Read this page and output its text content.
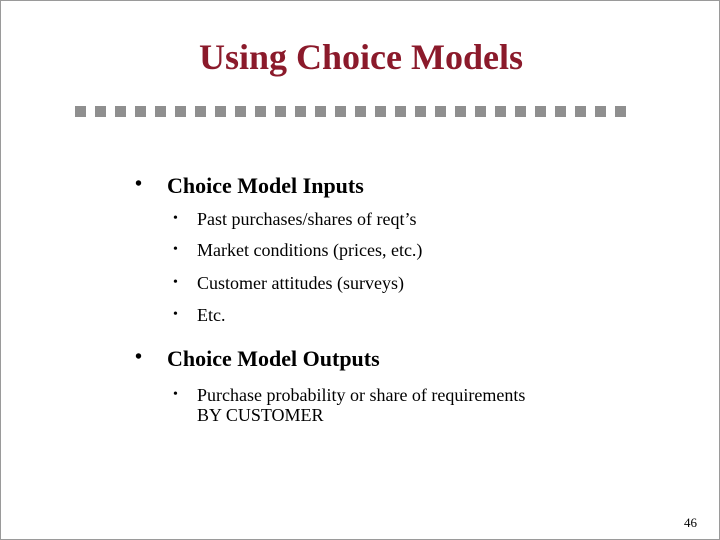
Using Choice Models
• Choice Model Inputs
• Past purchases/shares of reqt’s
• Market conditions (prices, etc.)
• Customer attitudes (surveys)
• Etc.
• Choice Model Outputs
• Purchase probability or share of requirements
BY CUSTOMER
46
